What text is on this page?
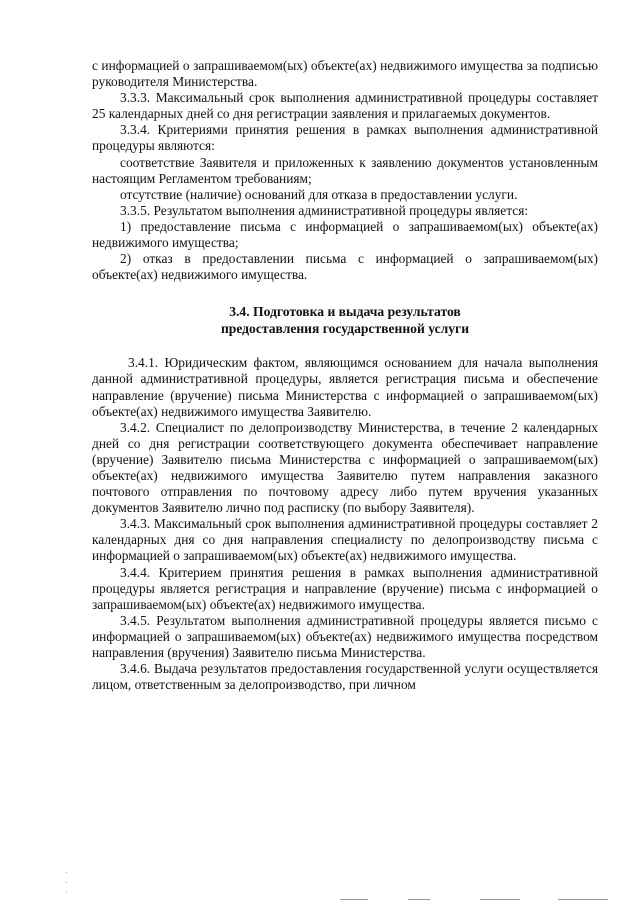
с информацией о запрашиваемом(ых) объекте(ах) недвижимого имущества за подписью руководителя Министерства.

3.3.3. Максимальный срок выполнения административной процедуры составляет 25 календарных дней со дня регистрации заявления и прилагаемых документов.

3.3.4. Критериями принятия решения в рамках выполнения административной процедуры являются:

соответствие Заявителя и приложенных к заявлению документов установленным настоящим Регламентом требованиям;

отсутствие (наличие) оснований для отказа в предоставлении услуги.

3.3.5. Результатом выполнения административной процедуры является:

1) предоставление письма с информацией о запрашиваемом(ых) объекте(ах) недвижимого имущества;

2) отказ в предоставлении письма с информацией о запрашиваемом(ых) объекте(ах) недвижимого имущества.

3.4. Подготовка и выдача результатов
предоставления государственной услуги

3.4.1. Юридическим фактом, являющимся основанием для начала выполнения данной административной процедуры, является регистрация письма и обеспечение направление (вручение) письма Министерства с информацией о запрашиваемом(ых) объекте(ах) недвижимого имущества Заявителю.

3.4.2. Специалист по делопроизводству Министерства, в течение 2 календарных дней со дня регистрации соответствующего документа обеспечивает направление (вручение) Заявителю письма Министерства с информацией о запрашиваемом(ых) объекте(ах) недвижимого имущества Заявителю путем направления заказного почтового отправления по почтовому адресу либо путем вручения указанных документов Заявителю лично под расписку (по выбору Заявителя).

3.4.3. Максимальный срок выполнения административной процедуры составляет 2 календарных дня со дня направления специалисту по делопроизводству письма с информацией о запрашиваемом(ых) объекте(ах) недвижимого имущества.

3.4.4. Критерием принятия решения в рамках выполнения административной процедуры является регистрация и направление (вручение) письма с информацией о запрашиваемом(ых) объекте(ах) недвижимого имущества.

3.4.5. Результатом выполнения административной процедуры является письмо с информацией о запрашиваемом(ых) объекте(ах) недвижимого имущества посредством направления (вручения) Заявителю письма Министерства.

3.4.6. Выдача результатов предоставления государственной услуги осуществляется лицом, ответственным за делопроизводство, при личном
